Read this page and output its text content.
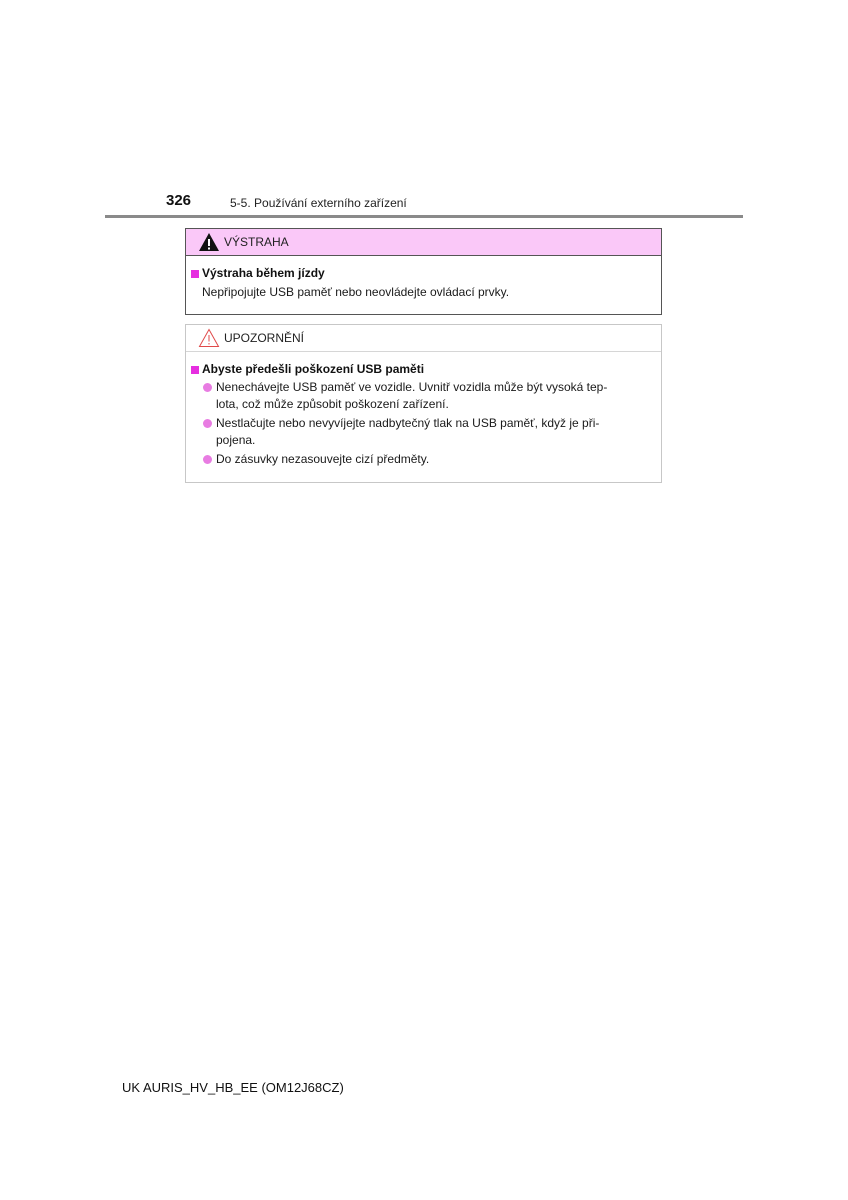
326	5-5. Používání externího zařízení
VÝSTRAHA
Výstraha během jízdy
Nepřipojujte USB paměť nebo neovládejte ovládací prvky.
UPOZORNĚNÍ
Abyste předešli poškození USB paměti
Nenechávejte USB paměť ve vozidle. Uvnitř vozidla může být vysoká tep-
lota, což může způsobit poškození zařízení.
Nestlačujte nebo nevyvíjejte nadbytečný tlak na USB paměť, když je při-
pojena.
Do zásuvky nezasouvejte cizí předměty.
UK AURIS_HV_HB_EE (OM12J68CZ)
